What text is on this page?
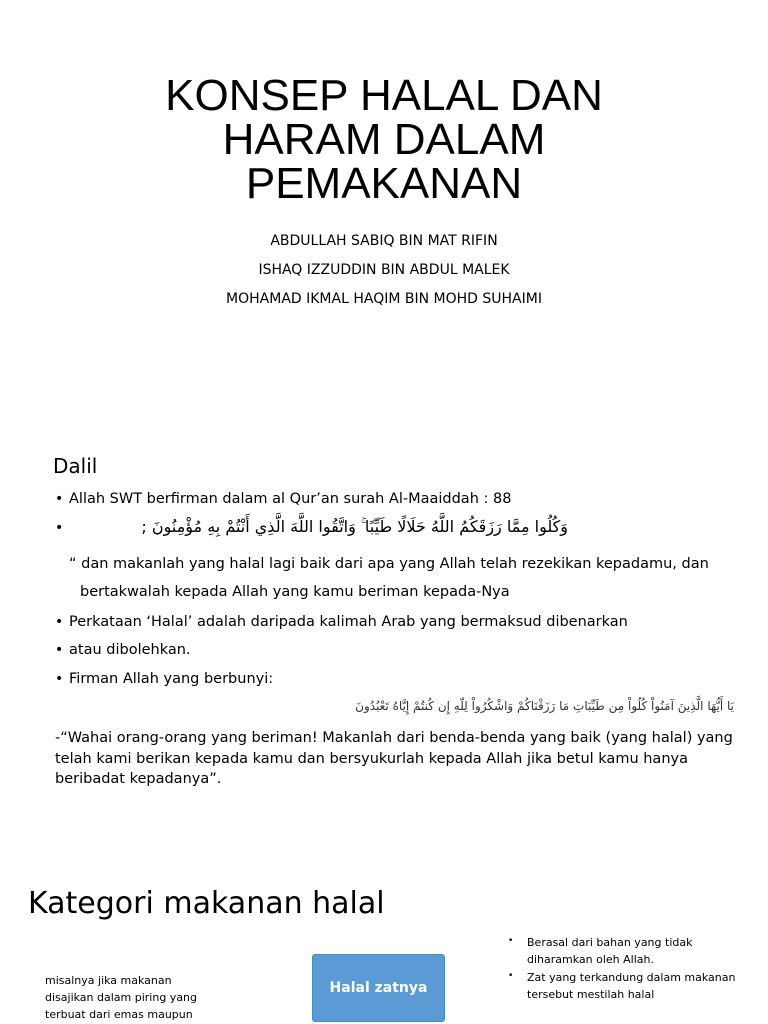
KONSEP HALAL DAN
HARAM DALAM
PEMAKANAN
ABDULLAH SABIQ BIN MAT RIFIN
ISHAQ IZZUDDIN BIN ABDUL MALEK
MOHAMAD IKMAL HAQIM BIN MOHD SUHAIMI
Dalil
• Allah SWT berfirman dalam al Qur’an surah Al-Maaiddah : 88
•	وَكُلُوا مِمَّا رَزَقَكُمُ اللَّهُ حَلَالًا طَيِّبًا ۚ وَاتَّقُوا اللَّهَ الَّذِي أَنْتُمْ بِهِ مُؤْمِنُونَ ;
“ dan makanlah yang halal lagi baik dari apa yang Allah telah rezekikan kepadamu, dan
bertakwalah kepada Allah yang kamu beriman kepada-Nya
• Perkataan ‘Halal’ adalah daripada kalimah Arab yang bermaksud dibenarkan
• atau dibolehkan.
• Firman Allah yang berbunyi:
يَا أَيُّهَا الَّذِينَ آمَنُواْ كُلُواْ مِن طَيِّبَاتِ مَا رَزَقْنَاكُمْ وَاشْكُرُواْ لِلّهِ إِن كُنتُمْ إِيَّاهُ تَعْبُدُونَ
-“Wahai orang-orang yang beriman! Makanlah dari benda-benda yang baik (yang halal) yang
telah kami berikan kepada kamu dan bersyukurlah kepada Allah jika betul kamu hanya
beribadat kepadanya”.
Kategori makanan halal
misalnya jika makanan
disajikan dalam piring yang
terbuat dari emas maupun
Halal zatnya
• Berasal dari bahan yang tidak
diharamkan oleh Allah.
• Zat yang terkandung dalam makanan
tersebut mestilah halal
